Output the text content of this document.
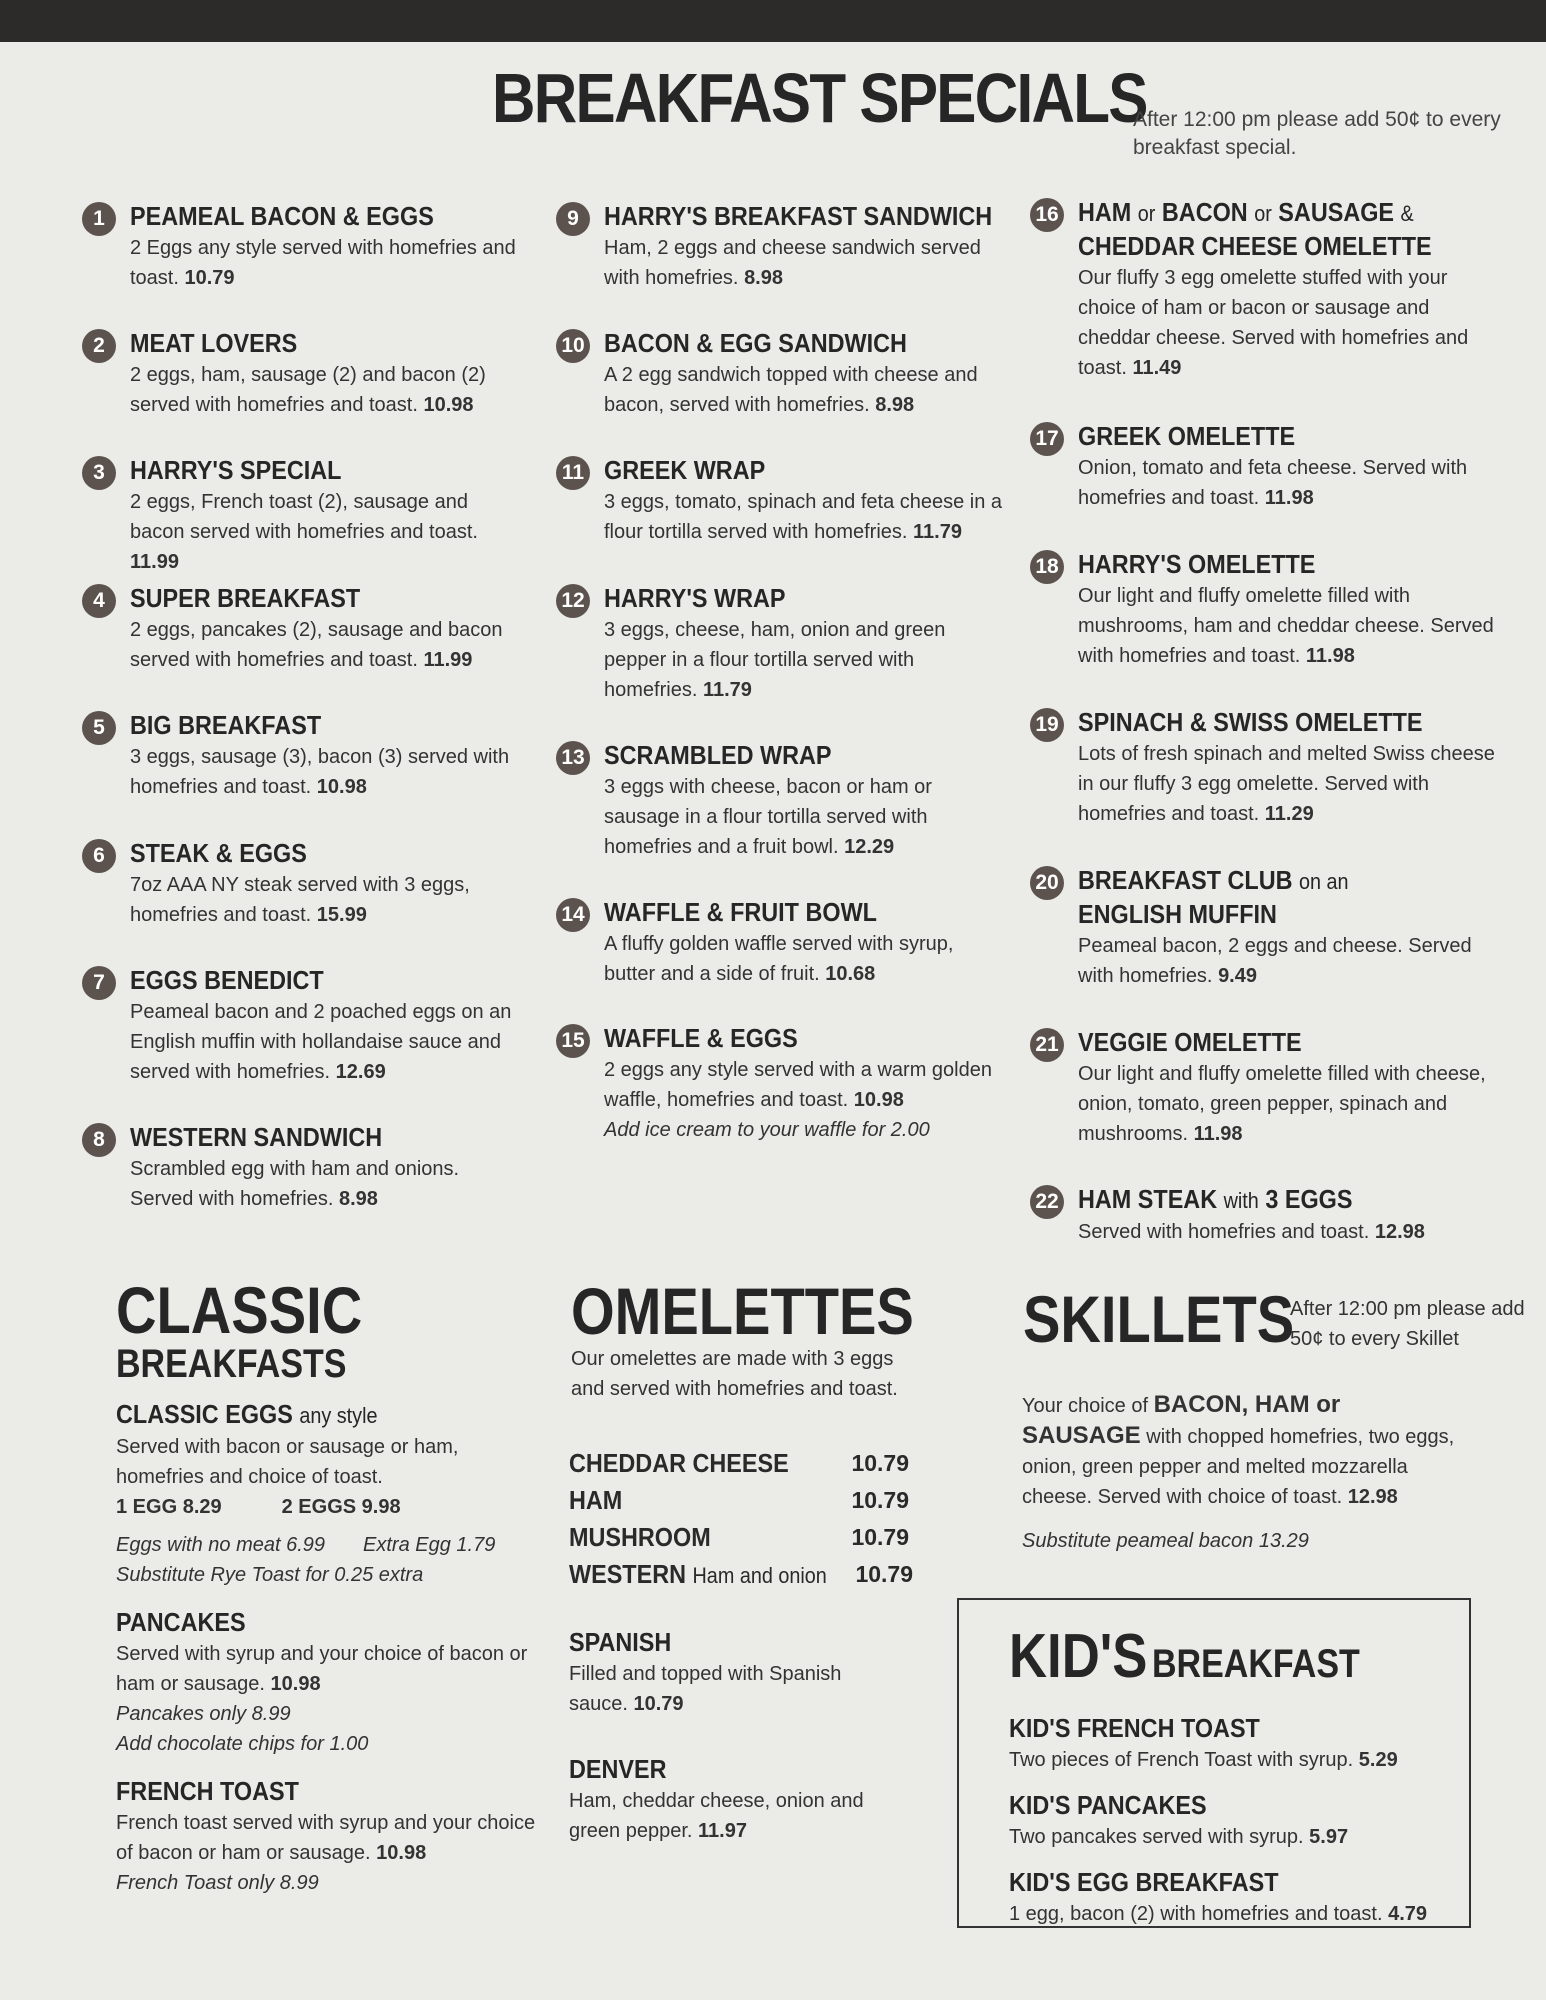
BREAKFAST SPECIALS
After 12:00 pm please add 50¢ to every breakfast special.
1 PEAMEAL BACON & EGGS
2 Eggs any style served with homefries and toast. 10.79
2 MEAT LOVERS
2 eggs, ham, sausage (2) and bacon (2) served with homefries and toast. 10.98
3 HARRY'S SPECIAL
2 eggs, French toast (2), sausage and bacon served with homefries and toast. 11.99
4 SUPER BREAKFAST
2 eggs, pancakes (2), sausage and bacon served with homefries and toast. 11.99
5 BIG BREAKFAST
3 eggs, sausage (3), bacon (3) served with homefries and toast. 10.98
6 STEAK & EGGS
7oz AAA NY steak served with 3 eggs, homefries and toast. 15.99
7 EGGS BENEDICT
Peameal bacon and 2 poached eggs on an English muffin with hollandaise sauce and served with homefries. 12.69
8 WESTERN SANDWICH
Scrambled egg with ham and onions. Served with homefries. 8.98
9 HARRY'S BREAKFAST SANDWICH
Ham, 2 eggs and cheese sandwich served with homefries. 8.98
10 BACON & EGG SANDWICH
A 2 egg sandwich topped with cheese and bacon, served with homefries. 8.98
11 GREEK WRAP
3 eggs, tomato, spinach and feta cheese in a flour tortilla served with homefries. 11.79
12 HARRY'S WRAP
3 eggs, cheese, ham, onion and green pepper in a flour tortilla served with homefries. 11.79
13 SCRAMBLED WRAP
3 eggs with cheese, bacon or ham or sausage in a flour tortilla served with homefries and a fruit bowl. 12.29
14 WAFFLE & FRUIT BOWL
A fluffy golden waffle served with syrup, butter and a side of fruit. 10.68
15 WAFFLE & EGGS
2 eggs any style served with a warm golden waffle, homefries and toast. 10.98
Add ice cream to your waffle for 2.00
16 HAM or BACON or SAUSAGE &
CHEDDAR CHEESE OMELETTE
Our fluffy 3 egg omelette stuffed with your choice of ham or bacon or sausage and cheddar cheese. Served with homefries and toast. 11.49
17 GREEK OMELETTE
Onion, tomato and feta cheese. Served with homefries and toast. 11.98
18 HARRY'S OMELETTE
Our light and fluffy omelette filled with mushrooms, ham and cheddar cheese. Served with homefries and toast. 11.98
19 SPINACH & SWISS OMELETTE
Lots of fresh spinach and melted Swiss cheese in our fluffy 3 egg omelette. Served with homefries and toast. 11.29
20 BREAKFAST CLUB on an
ENGLISH MUFFIN
Peameal bacon, 2 eggs and cheese. Served with homefries. 9.49
21 VEGGIE OMELETTE
Our light and fluffy omelette filled with cheese, onion, tomato, green pepper, spinach and mushrooms. 11.98
22 HAM STEAK with 3 EGGS
Served with homefries and toast. 12.98
CLASSIC
BREAKFASTS
CLASSIC EGGS any style
Served with bacon or sausage or ham, homefries and choice of toast.
1 EGG 8.29	2 EGGS 9.98
Eggs with no meat 6.99 Extra Egg 1.79
Substitute Rye Toast for 0.25 extra
PANCAKES
Served with syrup and your choice of bacon or ham or sausage. 10.98
Pancakes only 8.99
Add chocolate chips for 1.00
FRENCH TOAST
French toast served with syrup and your choice of bacon or ham or sausage. 10.98
French Toast only 8.99
OMELETTES
Our omelettes are made with 3 eggs and served with homefries and toast.
CHEDDAR CHEESE	10.79
HAM	10.79
MUSHROOM	10.79
WESTERN Ham and onion 10.79
SPANISH
Filled and topped with Spanish sauce. 10.79
DENVER
Ham, cheddar cheese, onion and green pepper. 11.97
SKILLETS
After 12:00 pm please add 50¢ to every Skillet
Your choice of BACON, HAM or SAUSAGE with chopped homefries, two eggs, onion, green pepper and melted mozzarella cheese. Served with choice of toast. 12.98
Substitute peameal bacon 13.29
KID'S BREAKFAST
KID'S FRENCH TOAST
Two pieces of French Toast with syrup. 5.29
KID'S PANCAKES
Two pancakes served with syrup. 5.97
KID'S EGG BREAKFAST
1 egg, bacon (2) with homefries and toast. 4.79
